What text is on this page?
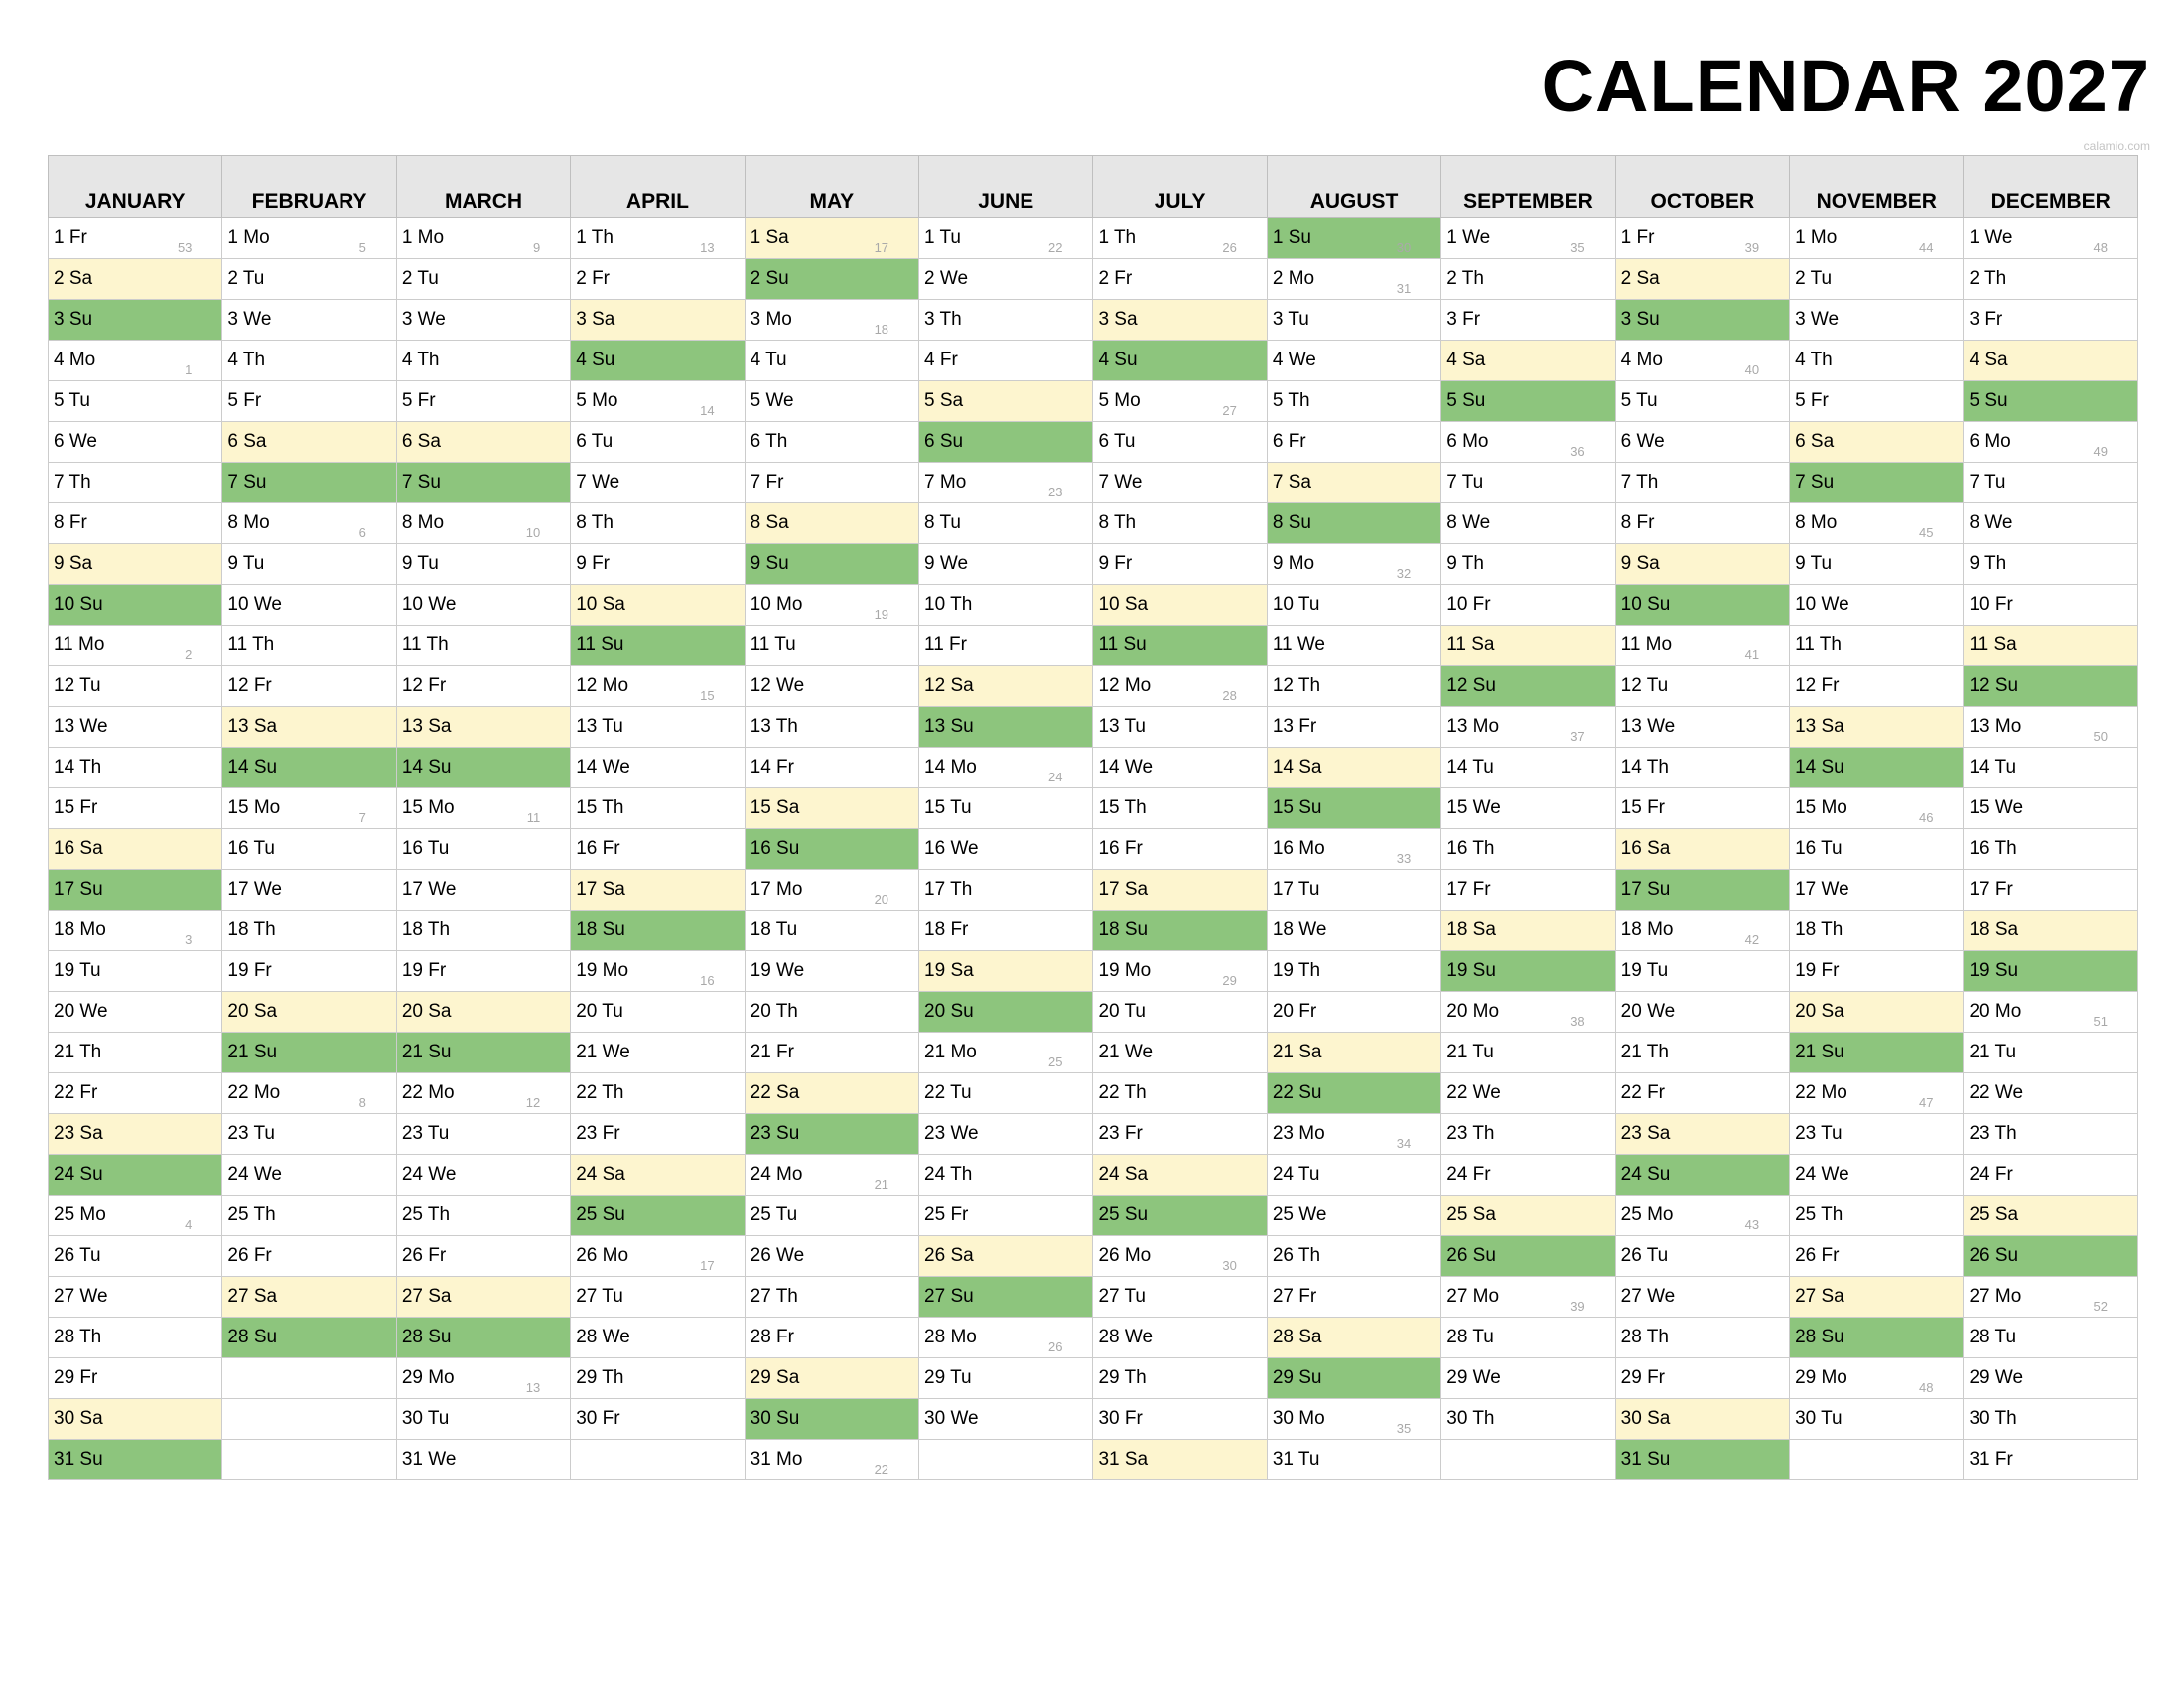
CALENDAR 2027
calamio.com
JANUARY	FEBRUARY	MARCH	APRIL	MAY	JUNE	JULY	AUGUST	SEPTEMBER	OCTOBER	NOVEMBER	DECEMBER
1 Fr 53	1 Mo 5	1 Mo 9	1 Th 13	1 Sa 17	1 Tu 22	1 Th 26	1 Su 30	1 We 35	1 Fr 39	1 Mo 44	1 We 48

2 Sa	2 Tu	2 Tu	2 Fr	2 Su	2 We	2 Fr	2 Mo 31	2 Th	2 Sa	2 Tu	2 Th
3 Su	3 We	3 We	3 Sa	3 Mo 18	3 Th	3 Sa	3 Tu	3 Fr	3 Su	3 We	3 Fr
4 Mo 1	4 Th	4 Th	4 Su	4 Tu	4 Fr	4 Su	4 We	4 Sa	4 Mo 40	4 Th	4 Sa
5 Tu	5 Fr	5 Fr	5 Mo 14	5 We	5 Sa	5 Mo 27	5 Th	5 Su	5 Tu	5 Fr	5 Su
6 We	6 Sa	6 Sa	6 Tu	6 Th	6 Su	6 Tu	6 Fr	6 Mo 36	6 We	6 Sa	6 Mo 49

7 Th	7 Su	7 Su	7 We	7 Fr	7 Mo 23	7 We	7 Sa	7 Tu	7 Th	7 Su	7 Tu
8 Fr	8 Mo 6	8 Mo 10	8 Th	8 Sa	8 Tu	8 Th	8 Su	8 We	8 Fr	8 Mo 45	8 We
9 Sa	9 Tu	9 Tu	9 Fr	9 Su	9 We	9 Fr	9 Mo 32	9 Th	9 Sa	9 Tu	9 Th
10 Su	10 We	10 We	10 Sa	10 Mo 19	10 Th	10 Sa	10 Tu	10 Fr	10 Su	10 We	10 Fr
11 Mo 2	11 Th	11 Th	11 Su	11 Tu	11 Fr	11 Su	11 We	11 Sa	11 Mo 41	11 Th	11 Sa
12 Tu	12 Fr	12 Fr	12 Mo 15	12 We	12 Sa	12 Mo 28	12 Th	12 Su	12 Tu	12 Fr	12 Su
13 We	13 Sa	13 Sa	13 Tu	13 Th	13 Su	13 Tu	13 Fr	13 Mo 37	13 We	13 Sa	13 Mo 50

14 Th	14 Su	14 Su	14 We	14 Fr	14 Mo 24	14 We	14 Sa	14 Tu	14 Th	14 Su	14 Tu
15 Fr	15 Mo 7	15 Mo 11	15 Th	15 Sa	15 Tu	15 Th	15 Su	15 We	15 Fr	15 Mo 46	15 We
16 Sa	16 Tu	16 Tu	16 Fr	16 Su	16 We	16 Fr	16 Mo 33	16 Th	16 Sa	16 Tu	16 Th
17 Su	17 We	17 We	17 Sa	17 Mo 20	17 Th	17 Sa	17 Tu	17 Fr	17 Su	17 We	17 Fr
18 Mo 3	18 Th	18 Th	18 Su	18 Tu	18 Fr	18 Su	18 We	18 Sa	18 Mo 42	18 Th	18 Sa
19 Tu	19 Fr	19 Fr	19 Mo 16	19 We	19 Sa	19 Mo 29	19 Th	19 Su	19 Tu	19 Fr	19 Su
20 We	20 Sa	20 Sa	20 Tu	20 Th	20 Su	20 Tu	20 Fr	20 Mo 38	20 We	20 Sa	20 Mo 51

21 Th	21 Su	21 Su	21 We	21 Fr	21 Mo 25	21 We	21 Sa	21 Tu	21 Th	21 Su	21 Tu
22 Fr	22 Mo 8	22 Mo 12	22 Th	22 Sa	22 Tu	22 Th	22 Su	22 We	22 Fr	22 Mo 47	22 We
23 Sa	23 Tu	23 Tu	23 Fr	23 Su	23 We	23 Fr	23 Mo 34	23 Th	23 Sa	23 Tu	23 Th
24 Su	24 We	24 We	24 Sa	24 Mo 21	24 Th	24 Sa	24 Tu	24 Fr	24 Su	24 We	24 Fr
25 Mo 4	25 Th	25 Th	25 Su	25 Tu	25 Fr	25 Su	25 We	25 Sa	25 Mo 43	25 Th	25 Sa
26 Tu	26 Fr	26 Fr	26 Mo 17	26 We	26 Sa	26 Mo 30	26 Th	26 Su	26 Tu	26 Fr	26 Su
27 We	27 Sa	27 Sa	27 Tu	27 Th	27 Su	27 Tu	27 Fr	27 Mo 39	27 We	27 Sa	27 Mo 52

28 Th	28 Su	28 Su	28 We	28 Fr	28 Mo 26	28 We	28 Sa	28 Tu	28 Th	28 Su	28 Tu
29 Fr		29 Mo 13	29 Th	29 Sa	29 Tu	29 Th	29 Su	29 We	29 Fr	29 Mo 48	29 We
30 Sa		30 Tu	30 Fr	30 Su	30 We	30 Fr	30 Mo 35	30 Th	30 Sa	30 Tu	30 Th
31 Su		31 We		31 Mo 22		31 Sa	31 Tu		31 Su		31 Fr
